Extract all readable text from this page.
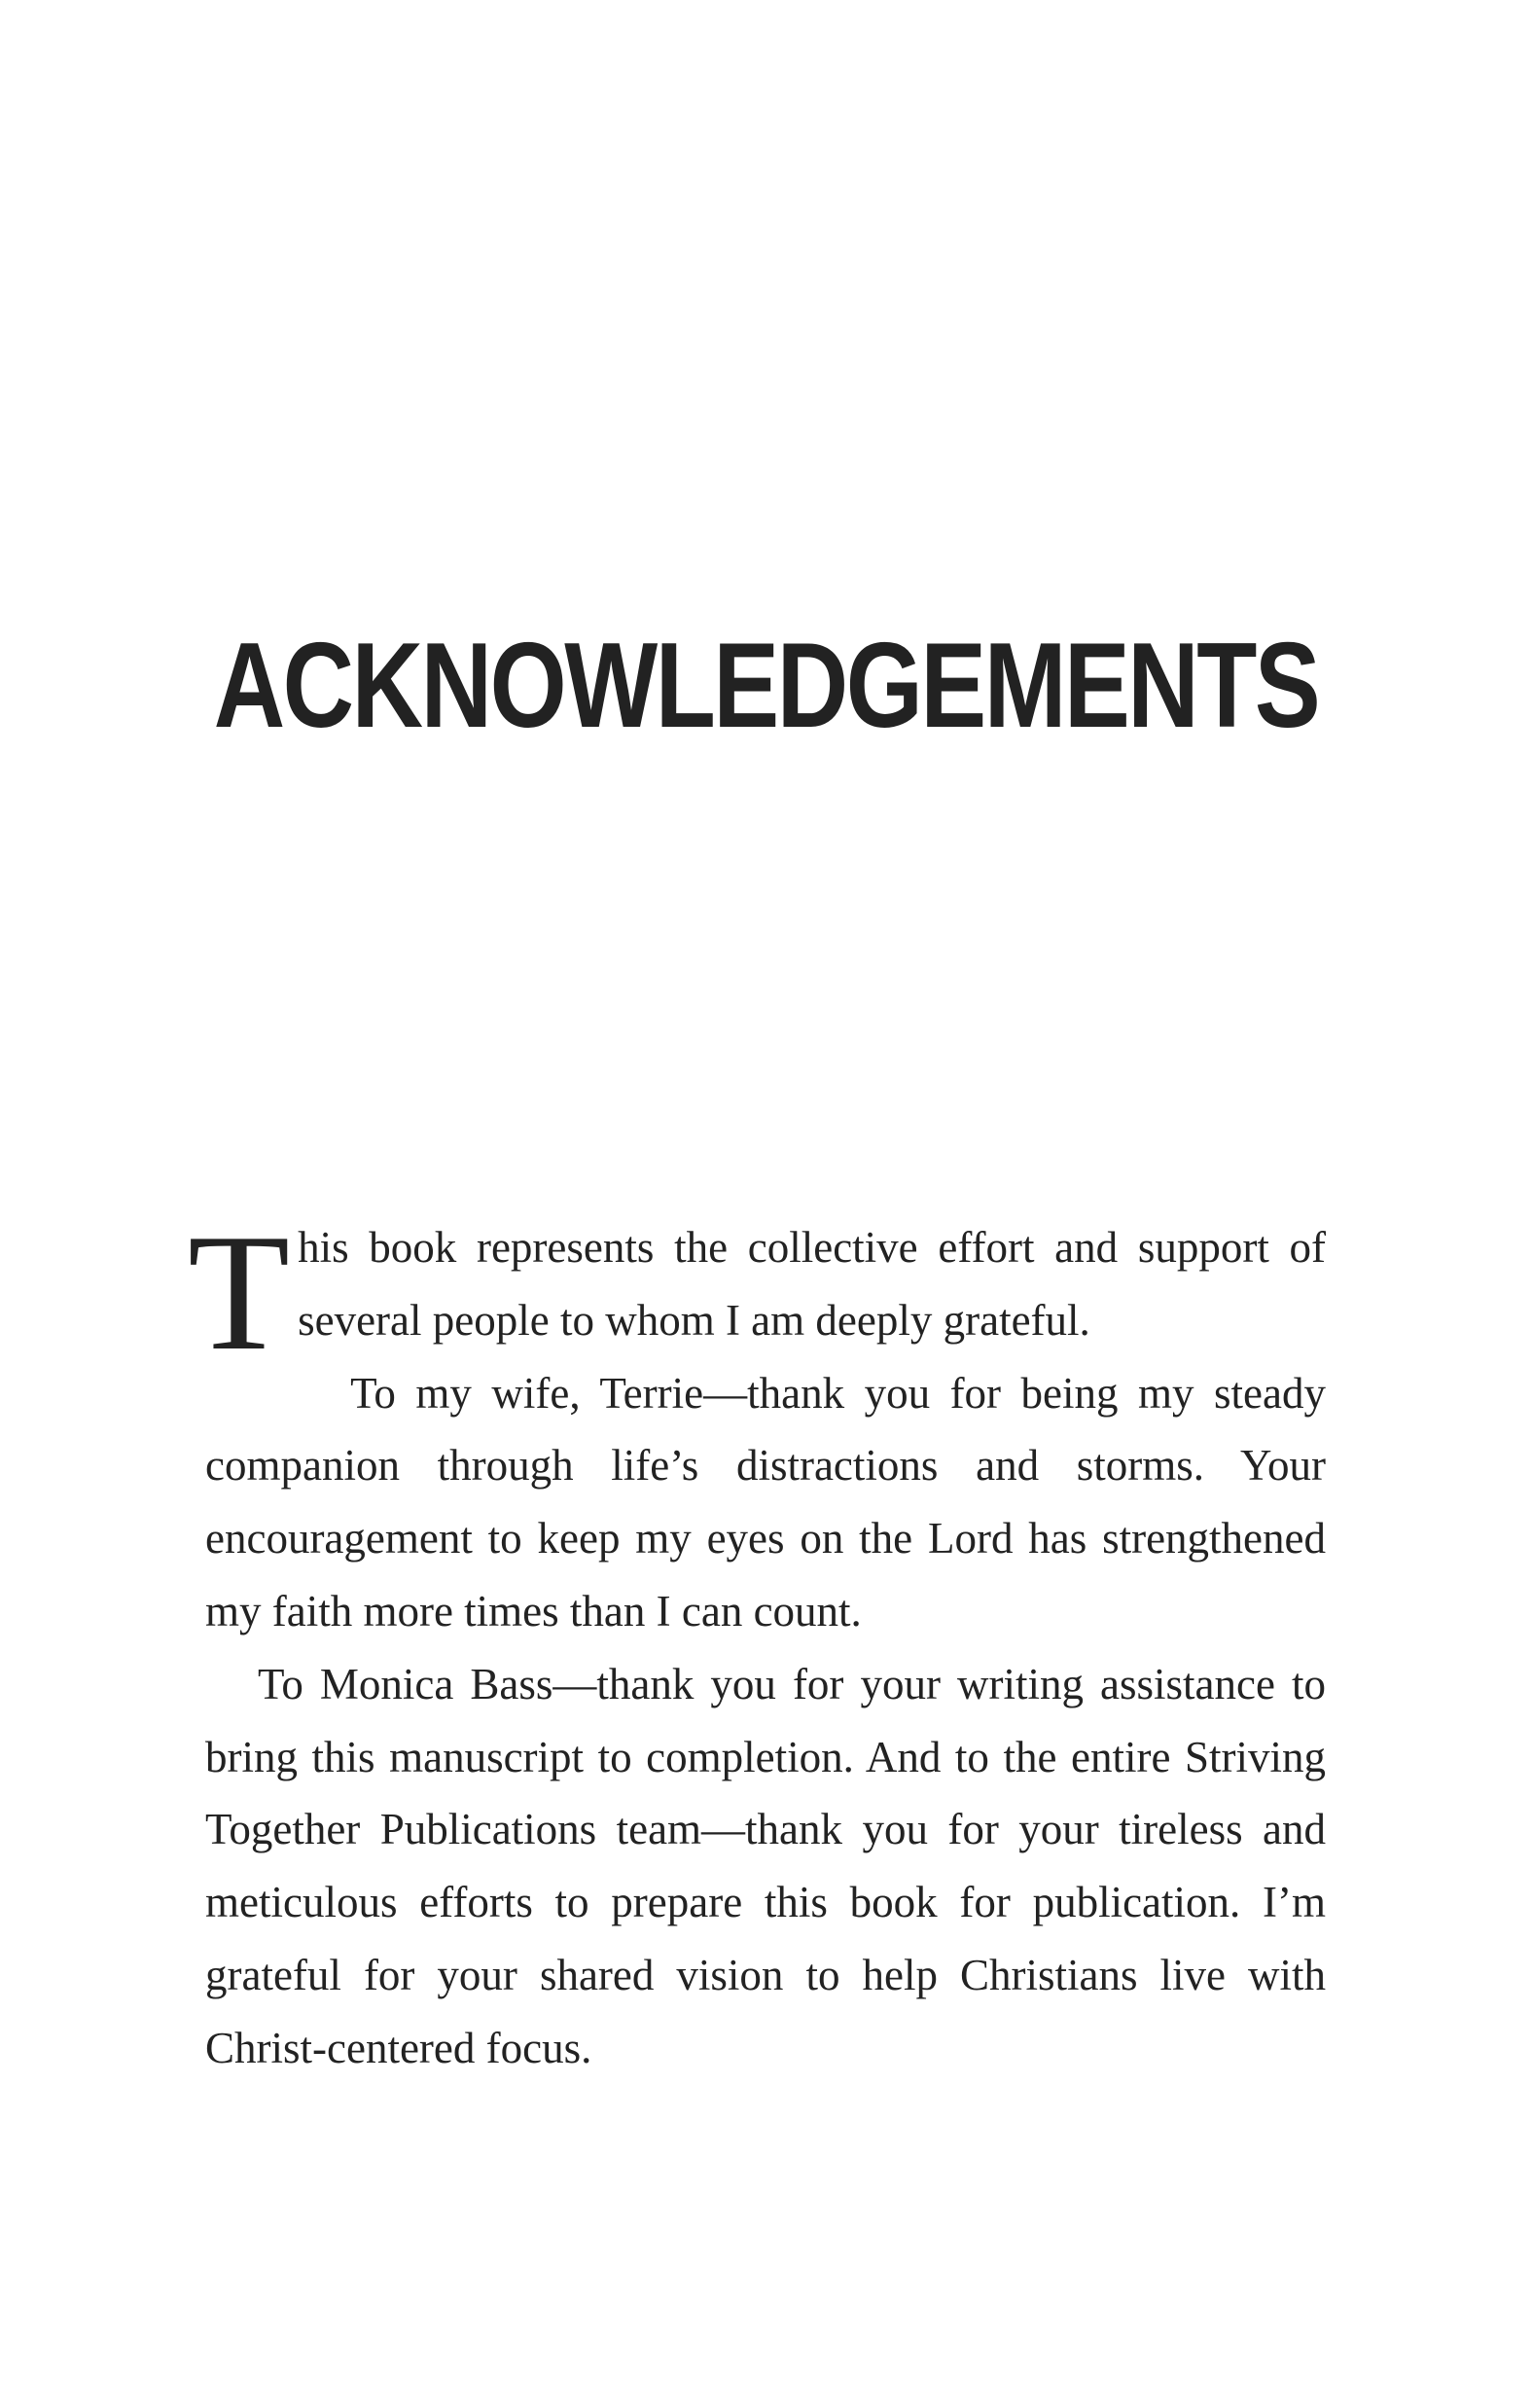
ACKNOWLEDGEMENTS

This book represents the collective effort and support of several people to whom I am deeply grateful.

To my wife, Terrie—thank you for being my steady companion through life’s distractions and storms. Your encouragement to keep my eyes on the Lord has strengthened my faith more times than I can count.

To Monica Bass—thank you for your writing assistance to bring this manuscript to completion. And to the entire Striving Together Publications team—thank you for your tireless and meticulous efforts to prepare this book for publication. I’m grateful for your shared vision to help Christians live with Christ-centered focus.
